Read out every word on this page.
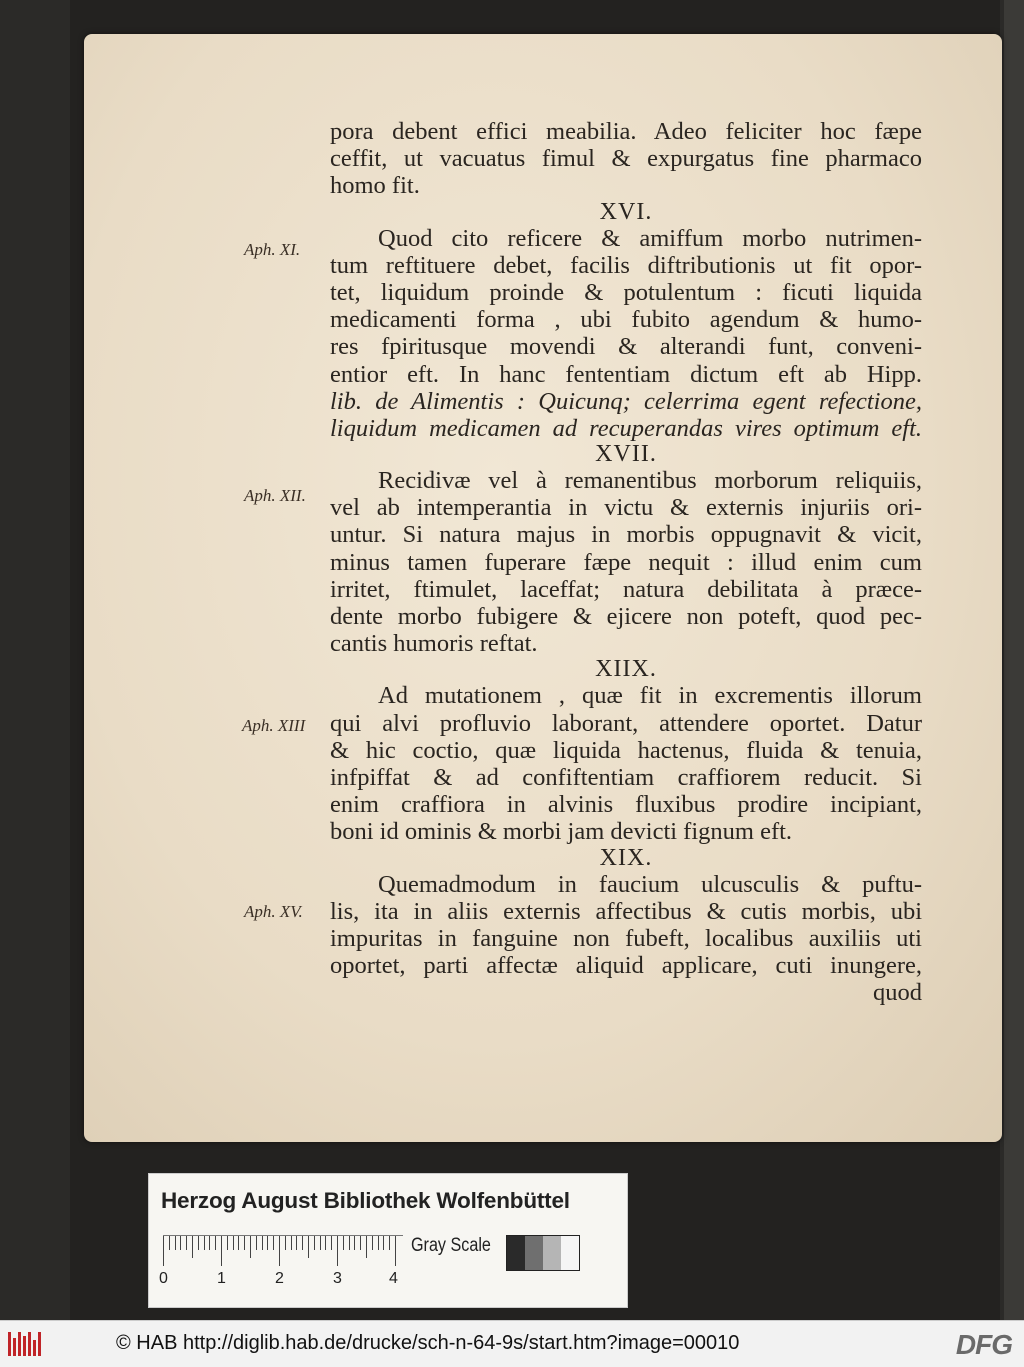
Aph. XI.
Aph. XII.
Aph. XIII
Aph. XV.
pora debent effici meabilia. Adeo feliciter hoc fæpe
ceffit, ut vacuatus fimul & expurgatus fine pharmaco
homo fit.
XVI.
Quod cito reficere & amiffum morbo nutrimen-
tum reftituere debet, facilis diftributionis ut fit opor-
tet, liquidum proinde & potulentum : ficuti liquida
medicamenti forma , ubi fubito agendum & humo-
res fpiritusque movendi & alterandi funt, conveni-
entior eft. In hanc fententiam dictum eft ab Hipp.
lib. de Alimentis : Quicunq; celerrima egent refectione,
liquidum medicamen ad recuperandas vires optimum eft.
XVII.
Recidivæ vel à remanentibus morborum reliquiis,
vel ab intemperantia in victu & externis injuriis ori-
untur. Si natura majus in morbis oppugnavit & vicit,
minus tamen fuperare fæpe nequit : illud enim cum
irritet, ftimulet, laceffat; natura debilitata à præce-
dente morbo fubigere & ejicere non poteft, quod pec-
cantis humoris reftat.
XIIX.
Ad mutationem , quæ fit in excrementis illorum
qui alvi profluvio laborant, attendere oportet. Datur
& hic coctio, quæ liquida hactenus, fluida & tenuia,
infpiffat & ad confiftentiam craffiorem reducit. Si
enim craffiora in alvinis fluxibus prodire incipiant,
boni id ominis & morbi jam devicti fignum eft.
XIX.
Quemadmodum in faucium ulcusculis & puftu-
lis, ita in aliis externis affectibus & cutis morbis, ubi
impuritas in fanguine non fubeft, localibus auxiliis uti
oportet, parti affectæ aliquid applicare, cuti inungere,
quod
Herzog August Bibliothek Wolfenbüttel
0	1	2	3	4
Gray Scale
© HAB http://diglib.hab.de/drucke/sch-n-64-9s/start.htm?image=00010	DFG
